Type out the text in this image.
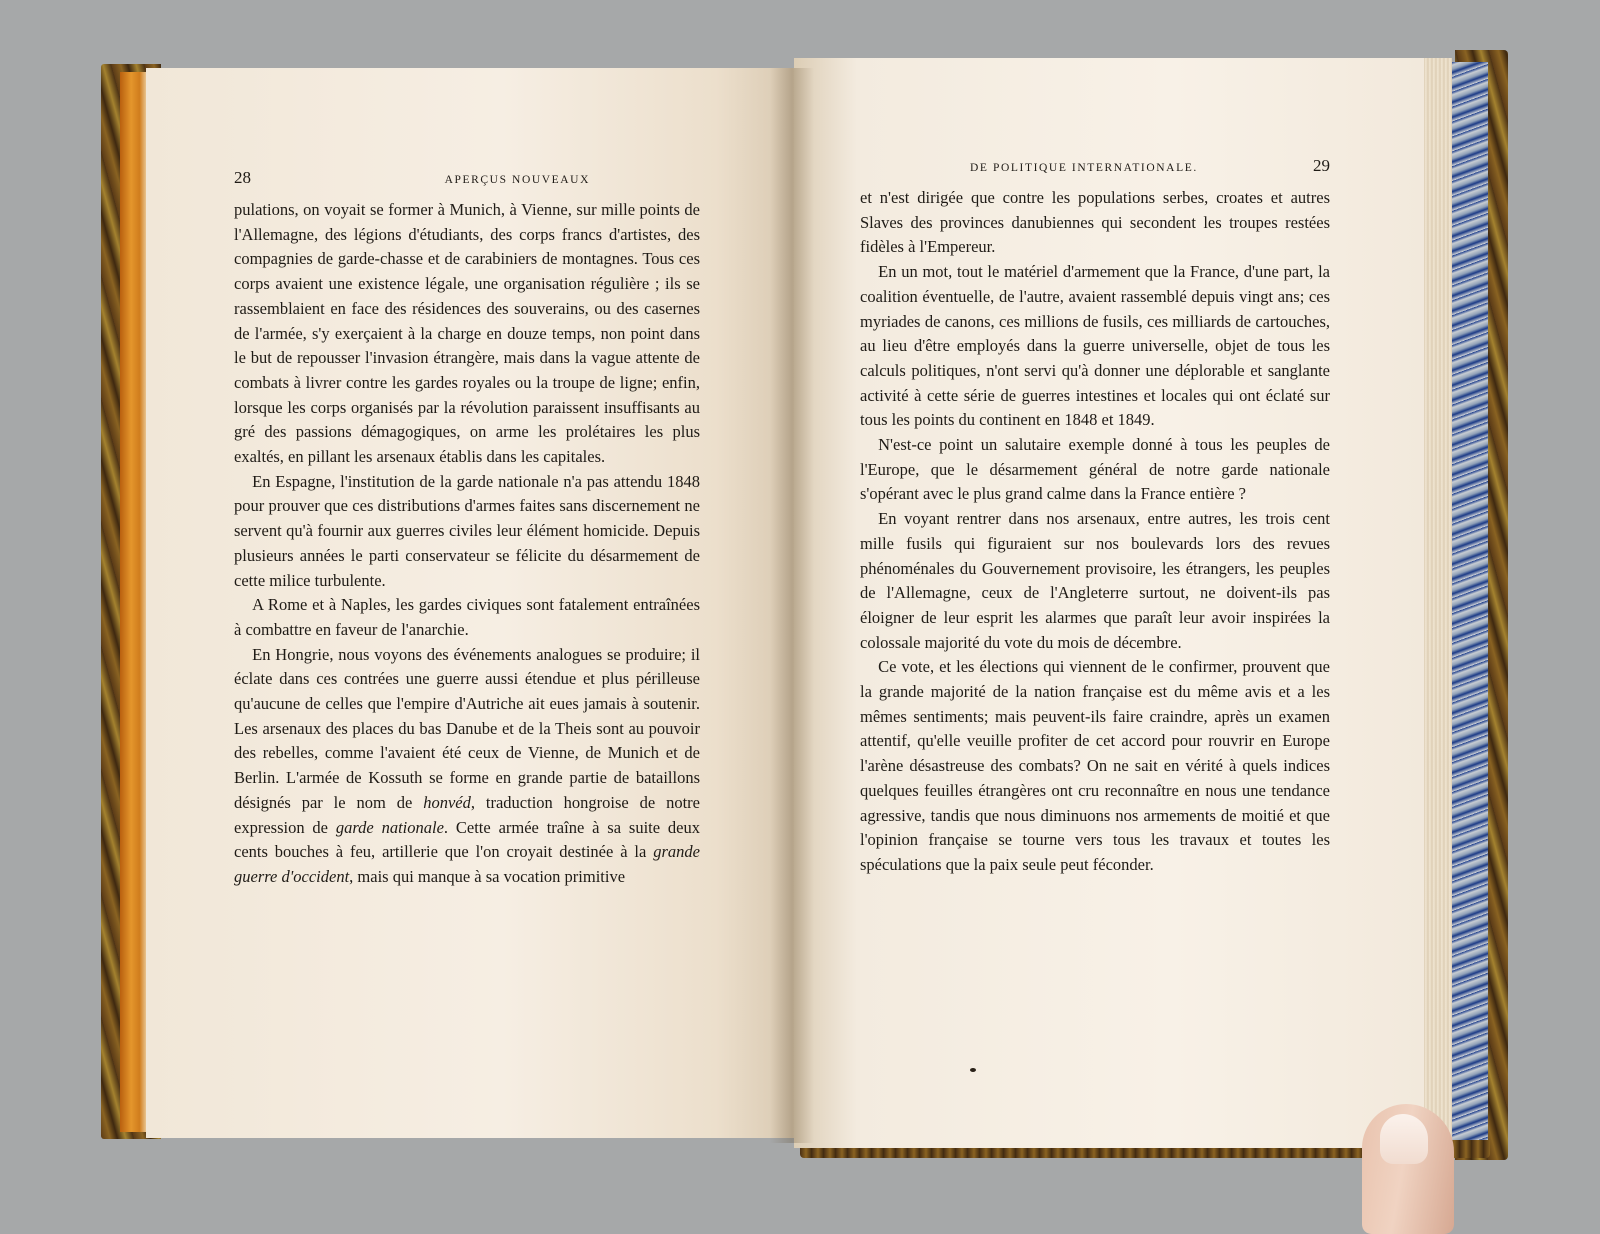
28	APERÇUS NOUVEAUX

pulations, on voyait se former à Munich, à Vienne, sur mille points de l'Allemagne, des légions d'étudiants, des corps francs d'artistes, des compagnies de garde-chasse et de carabiniers de montagnes. Tous ces corps avaient une existence légale, une organisation régulière ; ils se rassemblaient en face des résidences des souverains, ou des casernes de l'armée, s'y exerçaient à la charge en douze temps, non point dans le but de repousser l'invasion étrangère, mais dans la vague attente de combats à livrer contre les gardes royales ou la troupe de ligne; enfin, lorsque les corps organisés par la révolution paraissent insuffisants au gré des passions démagogiques, on arme les prolétaires les plus exaltés, en pillant les arsenaux établis dans les capitales.

En Espagne, l'institution de la garde nationale n'a pas attendu 1848 pour prouver que ces distributions d'armes faites sans discernement ne servent qu'à fournir aux guerres civiles leur élément homicide. Depuis plusieurs années le parti conservateur se félicite du désarmement de cette milice turbulente.

A Rome et à Naples, les gardes civiques sont fatalement entraînées à combattre en faveur de l'anarchie.

En Hongrie, nous voyons des événements analogues se produire; il éclate dans ces contrées une guerre aussi étendue et plus périlleuse qu'aucune de celles que l'empire d'Autriche ait eues jamais à soutenir. Les arsenaux des places du bas Danube et de la Theis sont au pouvoir des rebelles, comme l'avaient été ceux de Vienne, de Munich et de Berlin. L'armée de Kossuth se forme en grande partie de bataillons désignés par le nom de honvéd, traduction hongroise de notre expression de garde nationale. Cette armée traîne à sa suite deux cents bouches à feu, artillerie que l'on croyait destinée à la grande guerre d'occident, mais qui manque à sa vocation primitive

DE POLITIQUE INTERNATIONALE.	29

et n'est dirigée que contre les populations serbes, croates et autres Slaves des provinces danubiennes qui secondent les troupes restées fidèles à l'Empereur.

En un mot, tout le matériel d'armement que la France, d'une part, la coalition éventuelle, de l'autre, avaient rassemblé depuis vingt ans; ces myriades de canons, ces millions de fusils, ces milliards de cartouches, au lieu d'être employés dans la guerre universelle, objet de tous les calculs politiques, n'ont servi qu'à donner une déplorable et sanglante activité à cette série de guerres intestines et locales qui ont éclaté sur tous les points du continent en 1848 et 1849.

N'est-ce point un salutaire exemple donné à tous les peuples de l'Europe, que le désarmement général de notre garde nationale s'opérant avec le plus grand calme dans la France entière ?

En voyant rentrer dans nos arsenaux, entre autres, les trois cent mille fusils qui figuraient sur nos boulevards lors des revues phénoménales du Gouvernement provisoire, les étrangers, les peuples de l'Allemagne, ceux de l'Angleterre surtout, ne doivent-ils pas éloigner de leur esprit les alarmes que paraît leur avoir inspirées la colossale majorité du vote du mois de décembre.

Ce vote, et les élections qui viennent de le confirmer, prouvent que la grande majorité de la nation française est du même avis et a les mêmes sentiments; mais peuvent-ils faire craindre, après un examen attentif, qu'elle veuille profiter de cet accord pour rouvrir en Europe l'arène désastreuse des combats? On ne sait en vérité à quels indices quelques feuilles étrangères ont cru reconnaître en nous une tendance agressive, tandis que nous diminuons nos armements de moitié et que l'opinion française se tourne vers tous les travaux et toutes les spéculations que la paix seule peut féconder.
